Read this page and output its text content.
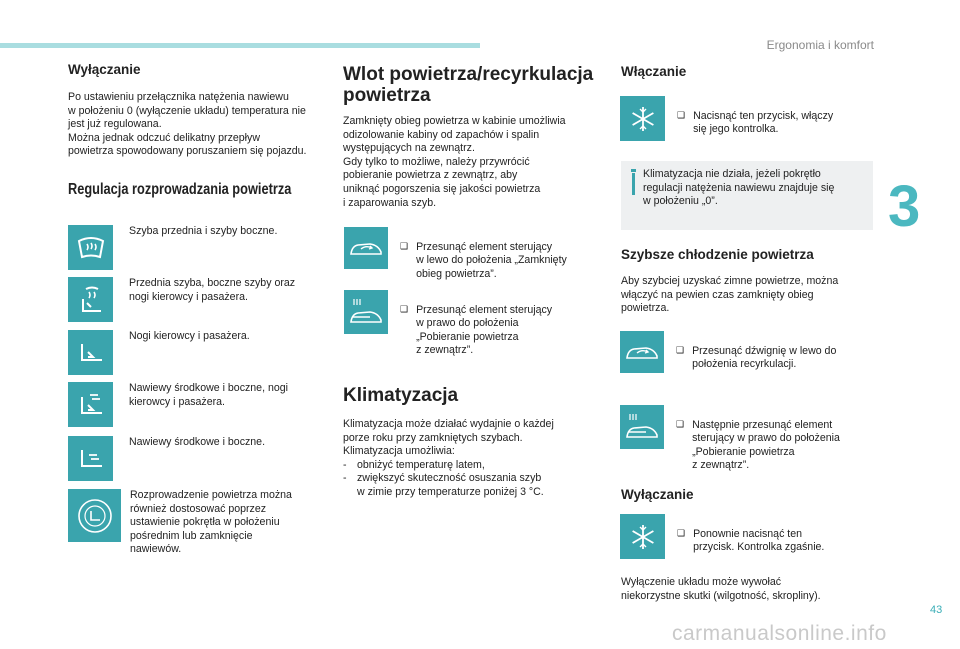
Ergonomia i komfort
3
Wyłączanie
Po ustawieniu przełącznika natężenia nawiewu
w położeniu 0 (wyłączenie układu) temperatura nie
jest już regulowana.
Można jednak odczuć delikatny przepływ
powietrza spowodowany poruszaniem się pojazdu.
Regulacja rozprowadzania powietrza
Szyba przednia i szyby boczne.
Przednia szyba, boczne szyby oraz
nogi kierowcy i pasażera.
Nogi kierowcy i pasażera.
Nawiewy środkowe i boczne, nogi
kierowcy i pasażera.
Nawiewy środkowe i boczne.
Rozprowadzenie powietrza można
również dostosować poprzez
ustawienie pokrętła w położeniu
pośrednim lub zamknięcie
nawiewów.
Wlot powietrza/recyrkulacja
powietrza
Zamknięty obieg powietrza w kabinie umożliwia
odizolowanie kabiny od zapachów i spalin
występujących na zewnątrz.
Gdy tylko to możliwe, należy przywrócić
pobieranie powietrza z zewnątrz, aby
uniknąć pogorszenia się jakości powietrza
i zaparowania szyb.

❑ Przesunąć element sterujący
w lewo do położenia „Zamknięty
obieg powietrza”.

❑ Przesunąć element sterujący
w prawo do położenia
„Pobieranie powietrza
z zewnątrz”.

Klimatyzacja
Klimatyzacja może działać wydajnie o każdej
porze roku przy zamkniętych szybach.
Klimatyzacja umożliwia:
- obniżyć temperaturę latem,
- zwiększyć skuteczność osuszania szyb
w zimie przy temperaturze poniżej 3 °C.
Włączanie

❑ Nacisnąć ten przycisk, włączy
się jego kontrolka.

Klimatyzacja nie działa, jeżeli pokrętło
regulacji natężenia nawiewu znajduje się
w położeniu „0”.
Szybsze chłodzenie powietrza
Aby szybciej uzyskać zimne powietrze, można
włączyć na pewien czas zamknięty obieg
powietrza.

❑ Przesunąć dźwignię w lewo do
położenia recyrkulacji.

❑ Następnie przesunąć element
sterujący w prawo do położenia
„Pobieranie powietrza
z zewnątrz”.

Wyłączanie

❑ Ponownie nacisnąć ten
przycisk. Kontrolka zgaśnie.

Wyłączenie układu może wywołać
niekorzystne skutki (wilgotność, skropliny).
43
carmanualsonline.info
